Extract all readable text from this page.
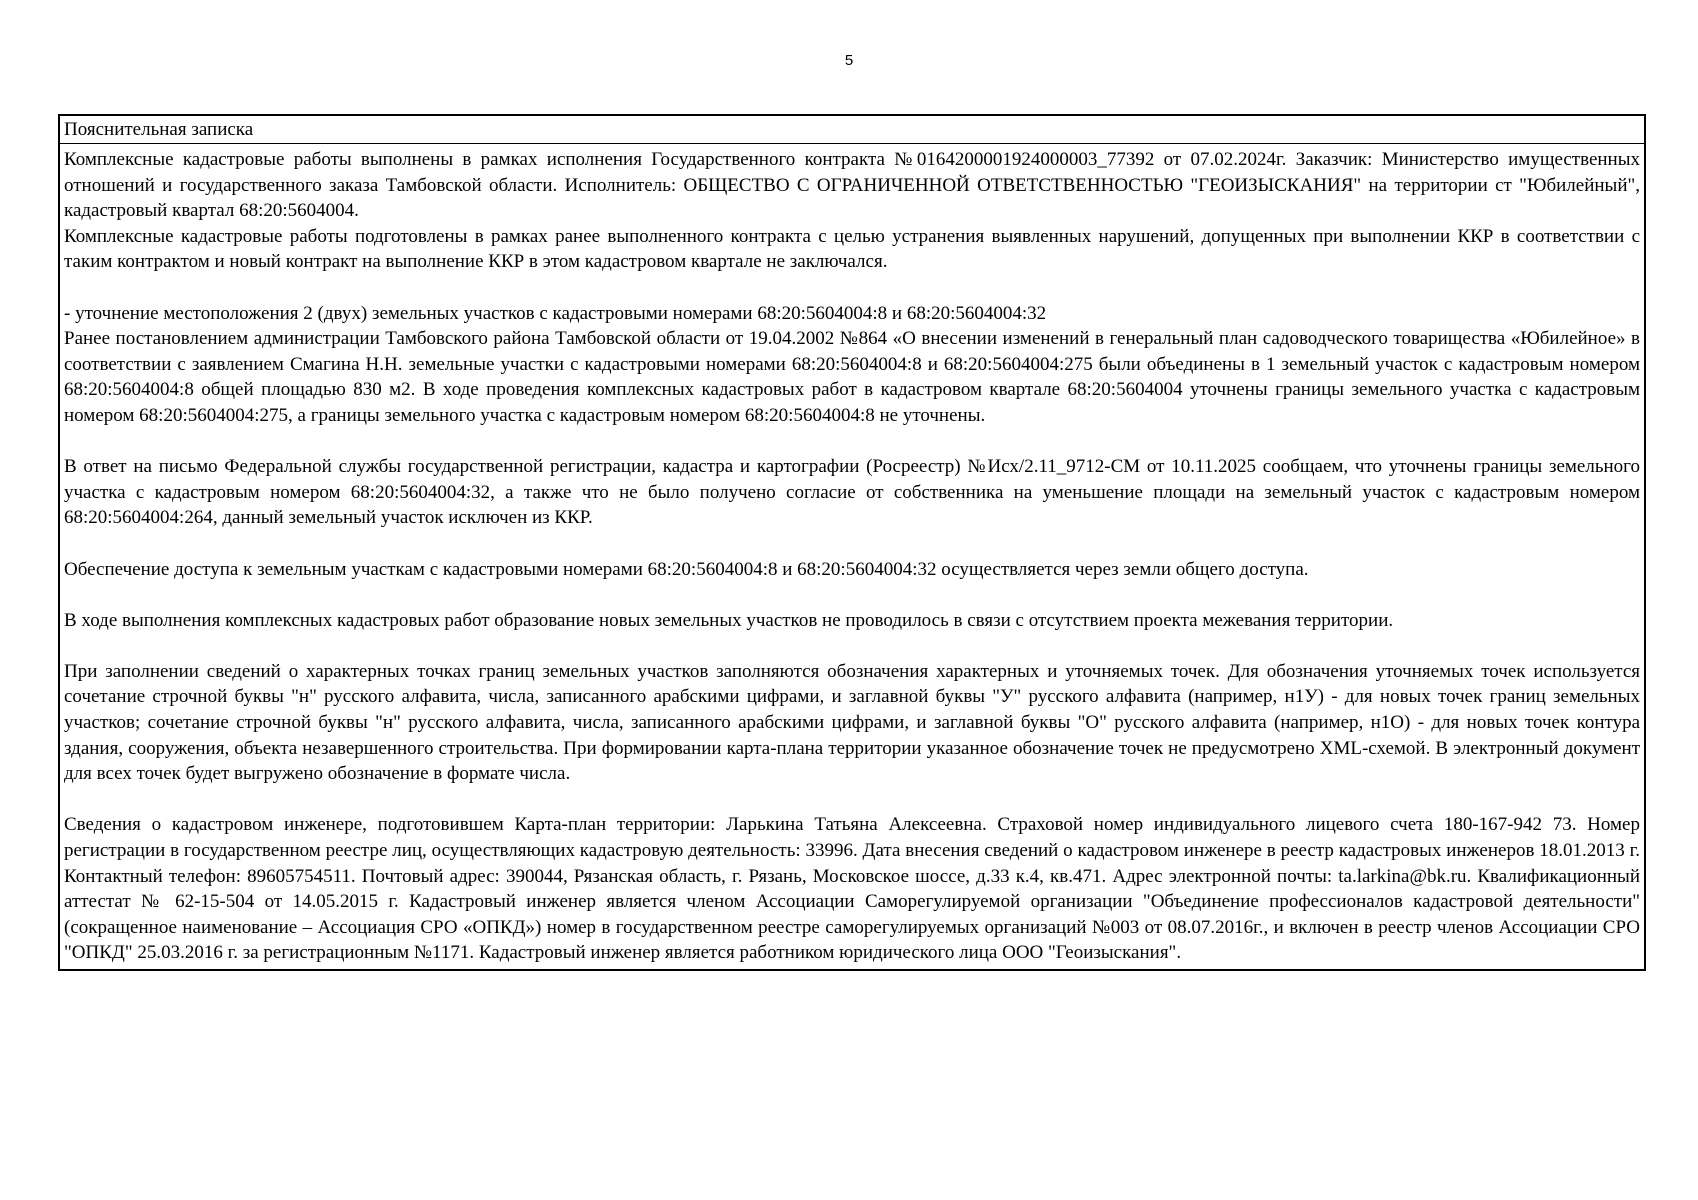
5
Пояснительная записка

Комплексные кадастровые работы выполнены в рамках исполнения Государственного контракта №0164200001924000003_77392 от 07.02.2024г. Заказчик: Министерство имущественных отношений и государственного заказа Тамбовской области. Исполнитель: ОБЩЕСТВО С ОГРАНИЧЕННОЙ ОТВЕТСТВЕННОСТЬЮ "ГЕОИЗЫСКАНИЯ" на территории ст "Юбилейный", кадастровый квартал 68:20:5604004.

Комплексные кадастровые работы подготовлены в рамках ранее выполненного контракта с целью устранения выявленных нарушений, допущенных при выполнении ККР в соответствии с таким контрактом и новый контракт на выполнение ККР в этом кадастровом квартале не заключался.

- уточнение местоположения 2 (двух) земельных участков с кадастровыми номерами 68:20:5604004:8 и 68:20:5604004:32

Ранее постановлением администрации Тамбовского района Тамбовской области от 19.04.2002 №864 «О внесении изменений в генеральный план садоводческого товарищества «Юбилейное» в соответствии с заявлением Смагина Н.Н. земельные участки с кадастровыми номерами 68:20:5604004:8 и 68:20:5604004:275 были объединены в 1 земельный участок с кадастровым номером 68:20:5604004:8 общей площадью 830 м2. В ходе проведения комплексных кадастровых работ в кадастровом квартале 68:20:5604004 уточнены границы земельного участка с кадастровым номером 68:20:5604004:275, а границы земельного участка с кадастровым номером 68:20:5604004:8 не уточнены.

В ответ на письмо Федеральной службы государственной регистрации, кадастра и картографии (Росреестр) №Исх/2.11_9712-СМ от 10.11.2025 сообщаем, что уточнены границы земельного участка с кадастровым номером 68:20:5604004:32, а также что не было получено согласие от собственника на уменьшение площади на земельный участок с кадастровым номером 68:20:5604004:264, данный земельный участок исключен из ККР.

Обеспечение доступа к земельным участкам с кадастровыми номерами 68:20:5604004:8 и 68:20:5604004:32 осуществляется через земли общего доступа.

В ходе выполнения комплексных кадастровых работ образование новых земельных участков не проводилось в связи с отсутствием проекта межевания территории.

При заполнении сведений о характерных точках границ земельных участков заполняются обозначения характерных и уточняемых точек. Для обозначения уточняемых точек используется сочетание строчной буквы "н" русского алфавита, числа, записанного арабскими цифрами, и заглавной буквы "У" русского алфавита (например, н1У) - для новых точек границ земельных участков; сочетание строчной буквы "н" русского алфавита, числа, записанного арабскими цифрами, и заглавной буквы "О" русского алфавита (например, н1О) - для новых точек контура здания, сооружения, объекта незавершенного строительства. При формировании карта-плана территории указанное обозначение точек не предусмотрено XML-схемой. В электронный документ для всех точек будет выгружено обозначение в формате числа.

Сведения о кадастровом инженере, подготовившем Карта-план территории: Ларькина Татьяна Алексеевна. Страховой номер индивидуального лицевого счета 180-167-942 73. Номер регистрации в государственном реестре лиц, осуществляющих кадастровую деятельность: 33996. Дата внесения сведений о кадастровом инженере в реестр кадастровых инженеров 18.01.2013 г. Контактный телефон: 89605754511. Почтовый адрес: 390044, Рязанская область, г. Рязань, Московское шоссе, д.33 к.4, кв.471. Адрес электронной почты: ta.larkina@bk.ru. Квалификационный аттестат № 62-15-504 от 14.05.2015 г. Кадастровый инженер является членом Ассоциации Саморегулируемой организации "Объединение профессионалов кадастровой деятельности" (сокращенное наименование – Ассоциация СРО «ОПКД») номер в государственном реестре саморегулируемых организаций №003 от 08.07.2016г., и включен в реестр членов Ассоциации СРО "ОПКД" 25.03.2016 г. за регистрационным №1171. Кадастровый инженер является работником юридического лица ООО "Геоизыскания".
